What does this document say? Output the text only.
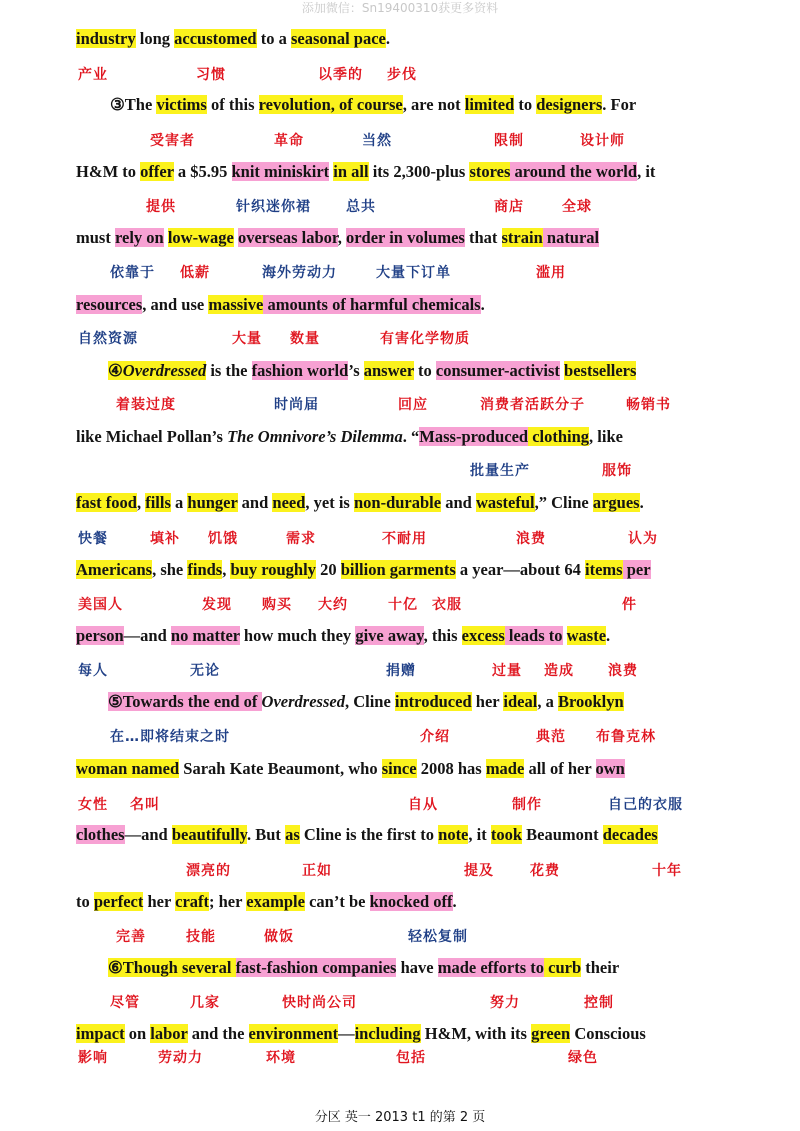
添加微信：Sn19400310获更多资料
industry long accustomed to a seasonal pace.
产业	习惯	以季的 步伐
③The victims of this revolution, of course, are not limited to designers. For
受害者	革命	当然	限制	设计师
H&M to offer a $5.95 knit miniskirt in all its 2,300-plus stores around the world, it
提供	针织迷你裙	总共	商店	全球
must rely on low-wage overseas labor, order in volumes that strain natural
依靠于 低薪	海外劳动力	大量下订单	滥用
resources, and use massive amounts of harmful chemicals.
自然资源	大量 数量	有害化学物质
④Overdressed is the fashion world’s answer to consumer-activist bestsellers
着装过度	时尚届	回应	消费者活跃分子	畅销书
like Michael Pollan’s The Omnivore’s Dilemma. “Mass-produced clothing, like
批量生产	服饰
fast food, fills a hunger and need, yet is non-durable and wasteful,” Cline argues.
快餐	填补 饥饿	需求	不耐用	浪费	认为
Americans, she finds, buy roughly 20 billion garments a year—about 64 items per
美国人	发现 购买 大约	十亿 衣服	件
person—and no matter how much they give away, this excess leads to waste.
每人	无论	捐赠	过量 造成 浪费
⑤Towards the end of Overdressed, Cline introduced her ideal, a Brooklyn
在…即将结束之时	介绍	典范 布鲁克林
woman named Sarah Kate Beaumont, who since 2008 has made all of her own
女性 名叫	自从	制作	自己的衣服
clothes—and beautifully. But as Cline is the first to note, it took Beaumont decades
漂亮的	正如	提及	花费	十年
to perfect her craft; her example can’t be knocked off.
完善	技能	做饭	轻松复制
⑥Though several fast-fashion companies have made efforts to curb their
尽管	几家	快时尚公司	努力	控制
impact on labor and the environment—including H&M, with its green Conscious
影响	劳动力	环境	包括	绿色
分区 英一 2013 t1 的第 2 页
